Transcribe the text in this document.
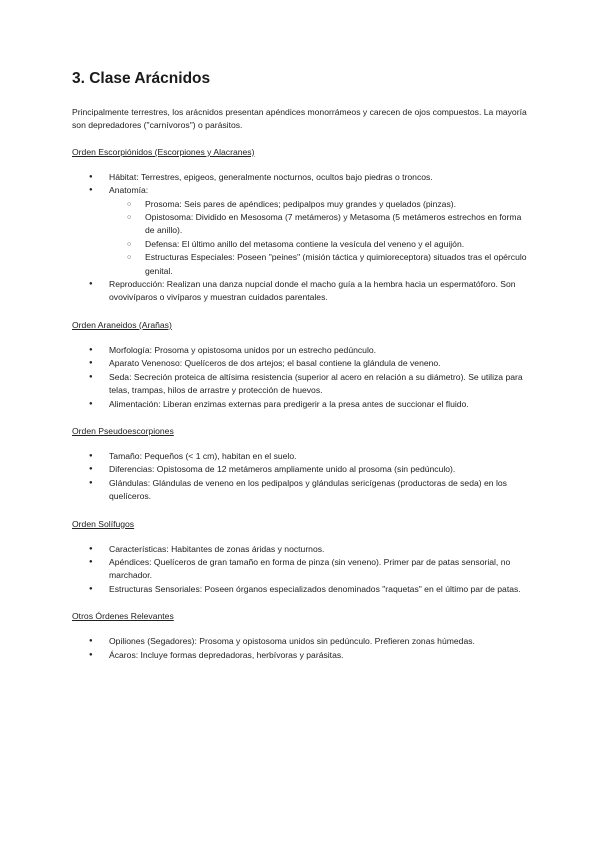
3. Clase Arácnidos

Principalmente terrestres, los arácnidos presentan apéndices monorrámeos y carecen de ojos compuestos. La mayoría son depredadores ("carnívoros") o parásitos.

Orden Escorpiónidos (Escorpiones y Alacranes)
● Hábitat: Terrestres, epigeos, generalmente nocturnos, ocultos bajo piedras o troncos.
● Anatomía:
○ Prosoma: Seis pares de apéndices; pedipalpos muy grandes y quelados (pinzas).
○ Opistosoma: Dividido en Mesosoma (7 metámeros) y Metasoma (5 metámeros estrechos en forma de anillo).
○ Defensa: El último anillo del metasoma contiene la vesícula del veneno y el aguijón.
○ Estructuras Especiales: Poseen "peines" (misión táctica y quimioreceptora) situados tras el opérculo genital.
● Reproducción: Realizan una danza nupcial donde el macho guía a la hembra hacia un espermatóforo. Son ovovivíparos o vivíparos y muestran cuidados parentales.
Orden Araneidos (Arañas)
● Morfología: Prosoma y opistosoma unidos por un estrecho pedúnculo.
● Aparato Venenoso: Quelíceros de dos artejos; el basal contiene la glándula de veneno.
● Seda: Secreción proteica de altísima resistencia (superior al acero en relación a su diámetro). Se utiliza para telas, trampas, hilos de arrastre y protección de huevos.
● Alimentación: Liberan enzimas externas para predigerir a la presa antes de succionar el fluido.
Orden Pseudoescorpiones
● Tamaño: Pequeños (< 1 cm), habitan en el suelo.
● Diferencias: Opistosoma de 12 metámeros ampliamente unido al prosoma (sin pedúnculo).
● Glándulas: Glándulas de veneno en los pedipalpos y glándulas sericígenas (productoras de seda) en los quelíceros.
Orden Solífugos
● Características: Habitantes de zonas áridas y nocturnos.
● Apéndices: Quelíceros de gran tamaño en forma de pinza (sin veneno). Primer par de patas sensorial, no marchador.
● Estructuras Sensoriales: Poseen órganos especializados denominados "raquetas" en el último par de patas.
Otros Órdenes Relevantes
● Opiliones (Segadores): Prosoma y opistosoma unidos sin pedúnculo. Prefieren zonas húmedas.
● Ácaros: Incluye formas depredadoras, herbívoras y parásitas.
